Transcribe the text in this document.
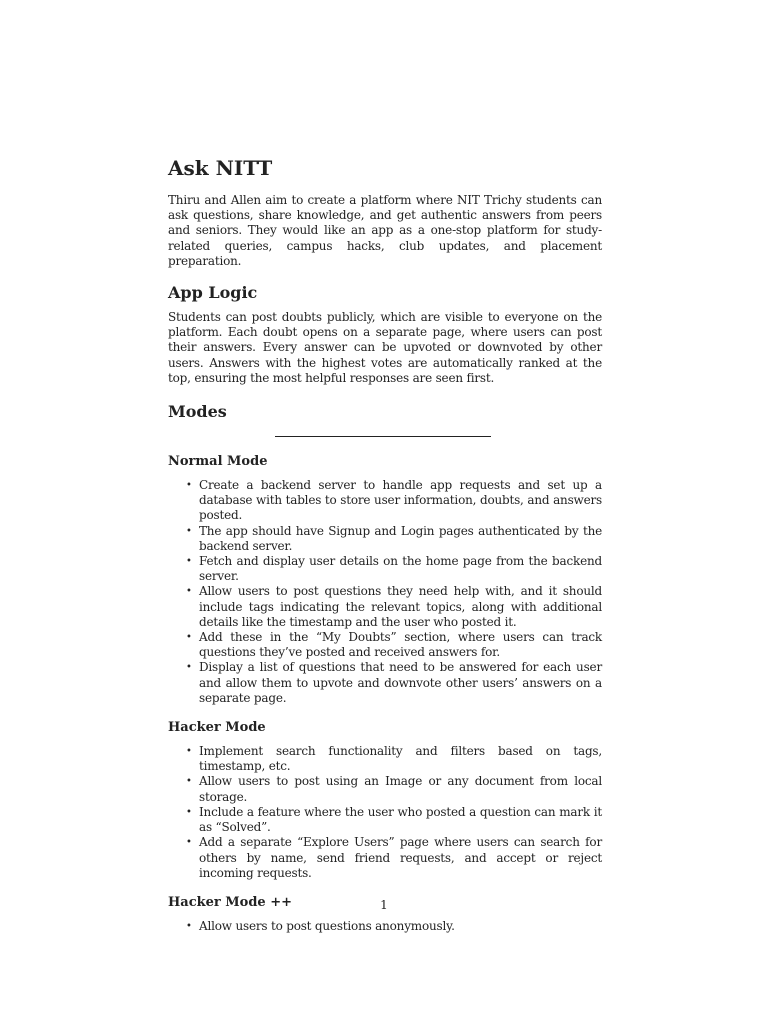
Ask NITT

Thiru and Allen aim to create a platform where NIT Trichy students can ask questions, share knowledge, and get authentic answers from peers and seniors. They would like an app as a one-stop platform for study-related queries, campus hacks, club updates, and placement preparation.

App Logic

Students can post doubts publicly, which are visible to everyone on the platform. Each doubt opens on a separate page, where users can post their answers. Every answer can be upvoted or downvoted by other users. Answers with the highest votes are automatically ranked at the top, ensuring the most helpful responses are seen first.

Modes
Normal Mode
• Create a backend server to handle app requests and set up a database with tables to store user information, doubts, and answers posted.
• The app should have Signup and Login pages authenticated by the backend server.
• Fetch and display user details on the home page from the backend server.
• Allow users to post questions they need help with, and it should include tags indicating the relevant topics, along with additional details like the timestamp and the user who posted it.
• Add these in the “My Doubts” section, where users can track questions they’ve posted and received answers for.
• Display a list of questions that need to be answered for each user and allow them to upvote and downvote other users’ answers on a separate page.
Hacker Mode
• Implement search functionality and filters based on tags, timestamp, etc.
• Allow users to post using an Image or any document from local storage.
• Include a feature where the user who posted a question can mark it as “Solved”.
• Add a separate “Explore Users” page where users can search for others by name, send friend requests, and accept or reject incoming requests.
Hacker Mode ++
• Allow users to post questions anonymously.
1
